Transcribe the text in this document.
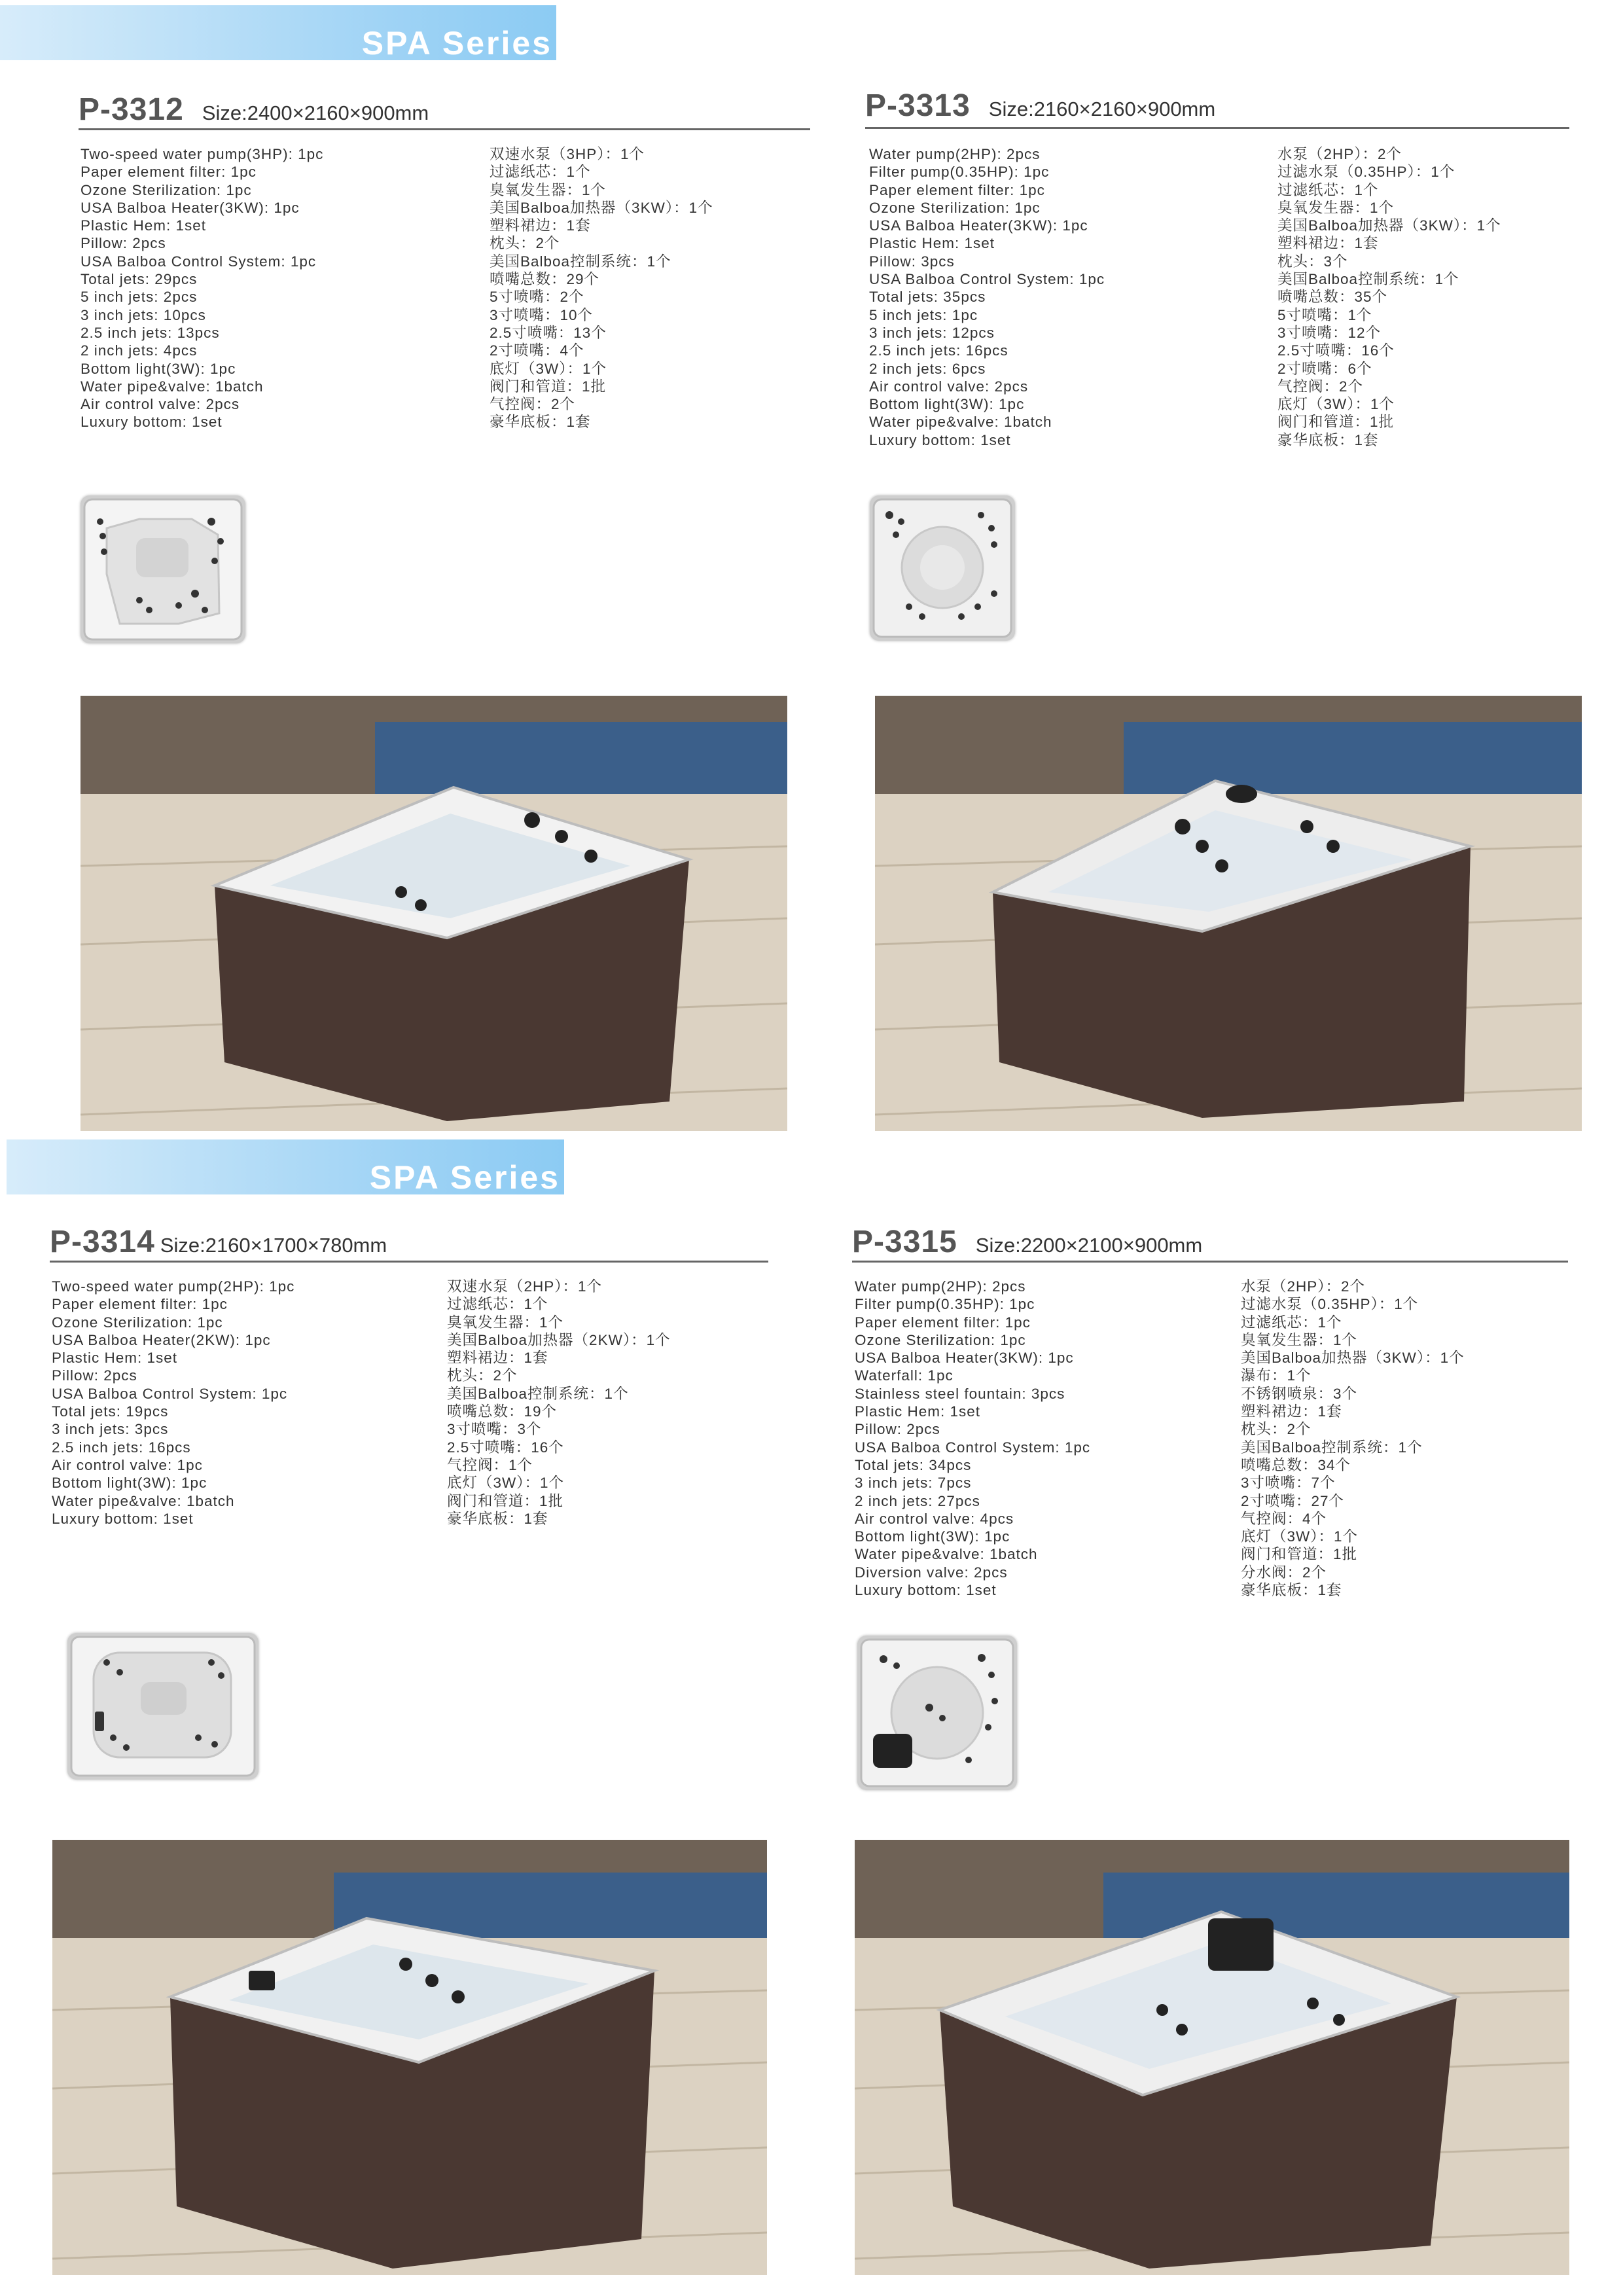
SPA Series
SPA Series
P-3312 Size:2400×2160×900mm
Two-speed water pump(3HP): 1pc
Paper element filter: 1pc
Ozone Sterilization: 1pc
USA Balboa Heater(3KW): 1pc
Plastic Hem: 1set
Pillow: 2pcs
USA Balboa Control System: 1pc
Total jets: 29pcs
5 inch jets: 2pcs
3 inch jets: 10pcs
2.5 inch jets: 13pcs
2 inch jets: 4pcs
Bottom light(3W): 1pc
Water pipe&valve: 1batch
Air control valve: 2pcs
Luxury bottom: 1set
双速水泵（3HP）：1个
过滤纸芯：1个
臭氧发生器：1个
美国Balboa加热器（3KW）：1个
塑料裙边：1套
枕头：2个
美国Balboa控制系统：1个
喷嘴总数：29个
5寸喷嘴：2个
3寸喷嘴：10个
2.5寸喷嘴：13个
2寸喷嘴：4个
底灯（3W）：1个
阀门和管道：1批
气控阀：2个
豪华底板：1套
P-3313 Size:2160×2160×900mm
Water pump(2HP): 2pcs
Filter pump(0.35HP): 1pc
Paper element filter: 1pc
Ozone Sterilization: 1pc
USA Balboa Heater(3KW): 1pc
Plastic Hem: 1set
Pillow: 3pcs
USA Balboa Control System: 1pc
Total jets: 35pcs
5 inch jets: 1pc
3 inch jets: 12pcs
2.5 inch jets: 16pcs
2 inch jets: 6pcs
Air control valve: 2pcs
Bottom light(3W): 1pc
Water pipe&valve: 1batch
Luxury bottom: 1set
水泵（2HP）：2个
过滤水泵（0.35HP）：1个
过滤纸芯：1个
臭氧发生器：1个
美国Balboa加热器（3KW）：1个
塑料裙边：1套
枕头：3个
美国Balboa控制系统：1个
喷嘴总数：35个
5寸喷嘴：1个
3寸喷嘴：12个
2.5寸喷嘴：16个
2寸喷嘴：6个
气控阀：2个
底灯（3W）：1个
阀门和管道：1批
豪华底板：1套
P-3314 Size:2160×1700×780mm
Two-speed water pump(2HP): 1pc
Paper element filter: 1pc
Ozone Sterilization: 1pc
USA Balboa Heater(2KW): 1pc
Plastic Hem: 1set
Pillow: 2pcs
USA Balboa Control System: 1pc
Total jets: 19pcs
3 inch jets: 3pcs
2.5 inch jets: 16pcs
Air control valve: 1pc
Bottom light(3W): 1pc
Water pipe&valve: 1batch
Luxury bottom: 1set
双速水泵（2HP）：1个
过滤纸芯：1个
臭氧发生器：1个
美国Balboa加热器（2KW）：1个
塑料裙边：1套
枕头：2个
美国Balboa控制系统：1个
喷嘴总数：19个
3寸喷嘴：3个
2.5寸喷嘴：16个
气控阀：1个
底灯（3W）：1个
阀门和管道：1批
豪华底板：1套
P-3315 Size:2200×2100×900mm
Water pump(2HP): 2pcs
Filter pump(0.35HP): 1pc
Paper element filter: 1pc
Ozone Sterilization: 1pc
USA Balboa Heater(3KW): 1pc
Waterfall: 1pc
Stainless steel fountain: 3pcs
Plastic Hem: 1set
Pillow: 2pcs
USA Balboa Control System: 1pc
Total jets: 34pcs
3 inch jets: 7pcs
2 inch jets: 27pcs
Air control valve: 4pcs
Bottom light(3W): 1pc
Water pipe&valve: 1batch
Diversion valve: 2pcs
Luxury bottom: 1set
水泵（2HP）：2个
过滤水泵（0.35HP）：1个
过滤纸芯：1个
臭氧发生器：1个
美国Balboa加热器（3KW）：1个
瀑布：1个
不锈钢喷泉：3个
塑料裙边：1套
枕头：2个
美国Balboa控制系统：1个
喷嘴总数：34个
3寸喷嘴：7个
2寸喷嘴：27个
气控阀：4个
底灯（3W）：1个
阀门和管道：1批
分水阀：2个
豪华底板：1套
